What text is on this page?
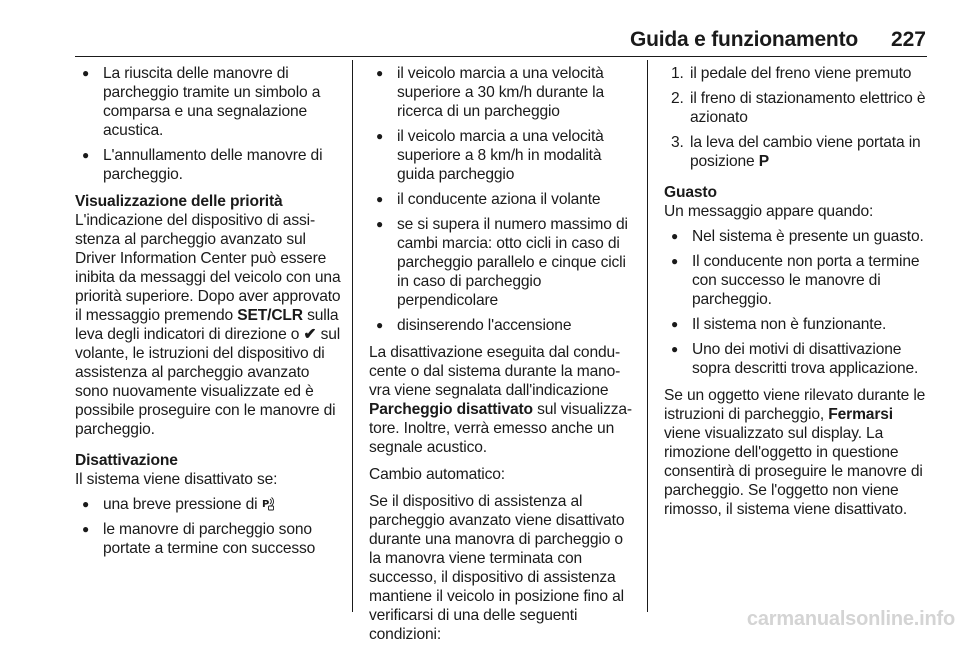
Guida e funzionamento	227
● La riuscita delle manovre di parcheggio tramite un simbolo a comparsa e una segnalazione acustica.
● L'annullamento delle manovre di parcheggio.
Visualizzazione delle priorità

L'indicazione del dispositivo di assistenza al parcheggio avanzato sul Driver Information Center può essere inibita da messaggi del veicolo con una priorità superiore. Dopo aver approvato il messaggio premendo SET/CLR sulla leva degli indicatori di direzione o ✔ sul volante, le istruzioni del dispositivo di assistenza al parcheggio avanzato sono nuovamente visualizzate ed è possibile proseguire con le manovre di parcheggio.

Disattivazione

Il sistema viene disattivato se:

● una breve pressione di P
● le manovre di parcheggio sono portate a termine con successo
● il veicolo marcia a una velocità superiore a 30 km/h durante la ricerca di un parcheggio
● il veicolo marcia a una velocità superiore a 8 km/h in modalità guida parcheggio
● il conducente aziona il volante
● se si supera il numero massimo di cambi marcia: otto cicli in caso di parcheggio parallelo e cinque cicli in caso di parcheggio perpendicolare
● disinserendo l'accensione

La disattivazione eseguita dal conducente o dal sistema durante la manovra viene segnalata dall'indicazione Parcheggio disattivato sul visualizzatore. Inoltre, verrà emesso anche un segnale acustico.

Cambio automatico:

Se il dispositivo di assistenza al parcheggio avanzato viene disattivato durante una manovra di parcheggio o la manovra viene terminata con successo, il dispositivo di assistenza mantiene il veicolo in posizione fino al verificarsi di una delle seguenti condizioni:

1. il pedale del freno viene premuto
2. il freno di stazionamento elettrico è azionato
3. la leva del cambio viene portata in posizione P
Guasto

Un messaggio appare quando:

● Nel sistema è presente un guasto.
● Il conducente non porta a termine con successo le manovre di parcheggio.
● Il sistema non è funzionante.
● Uno dei motivi di disattivazione sopra descritti trova applicazione.

Se un oggetto viene rilevato durante le istruzioni di parcheggio, Fermarsi viene visualizzato sul display. La rimozione dell'oggetto in questione consentirà di proseguire le manovre di parcheggio. Se l'oggetto non viene rimosso, il sistema viene disattivato.

carmanualsonline.info
